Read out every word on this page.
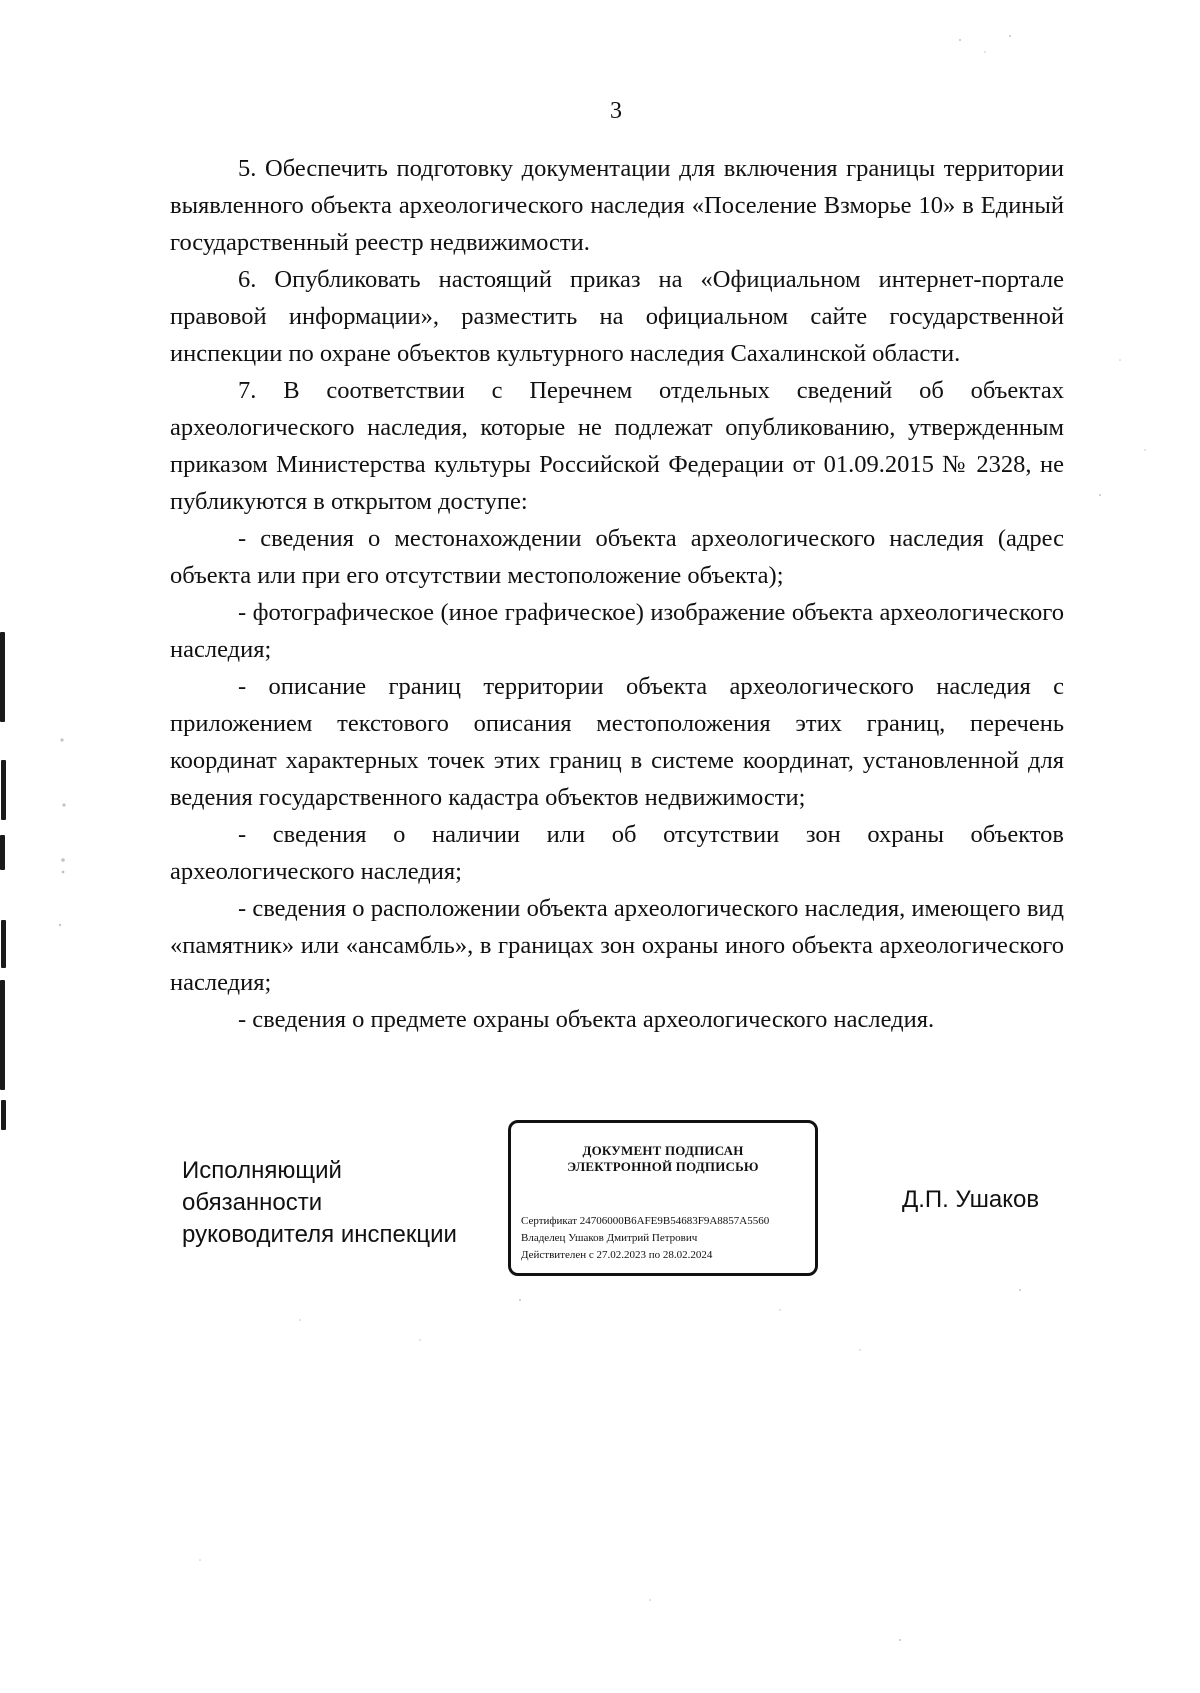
3

5. Обеспечить подготовку документации для включения границы территории выявленного объекта археологического наследия «Поселение Взморье 10» в Единый государственный реестр недвижимости.

6. Опубликовать настоящий приказ на «Официальном интернет-портале правовой информации», разместить на официальном сайте государственной инспекции по охране объектов культурного наследия Сахалинской области.

7. В соответствии с Перечнем отдельных сведений об объектах археологического наследия, которые не подлежат опубликованию, утвержденным приказом Министерства культуры Российской Федерации от 01.09.2015 № 2328, не публикуются в открытом доступе:

- сведения о местонахождении объекта археологического наследия (адрес объекта или при его отсутствии местоположение объекта);

- фотографическое (иное графическое) изображение объекта археологического наследия;

- описание границ территории объекта археологического наследия с приложением текстового описания местоположения этих границ, перечень координат характерных точек этих границ в системе координат, установленной для ведения государственного кадастра объектов недвижимости;

- сведения о наличии или об отсутствии зон охраны объектов археологического наследия;

- сведения о расположении объекта археологического наследия, имеющего вид «памятник» или «ансамбль», в границах зон охраны иного объекта археологического наследия;

- сведения о предмете охраны объекта археологического наследия.

Исполняющий
обязанности
руководителя инспекции
ДОКУМЕНТ ПОДПИСАН
ЭЛЕКТРОННОЙ ПОДПИСЬЮ
Сертификат 24706000B6AFE9B54683F9A8857A5560
Владелец Ушаков Дмитрий Петрович
Действителен с 27.02.2023 по 28.02.2024
Д.П. Ушаков
